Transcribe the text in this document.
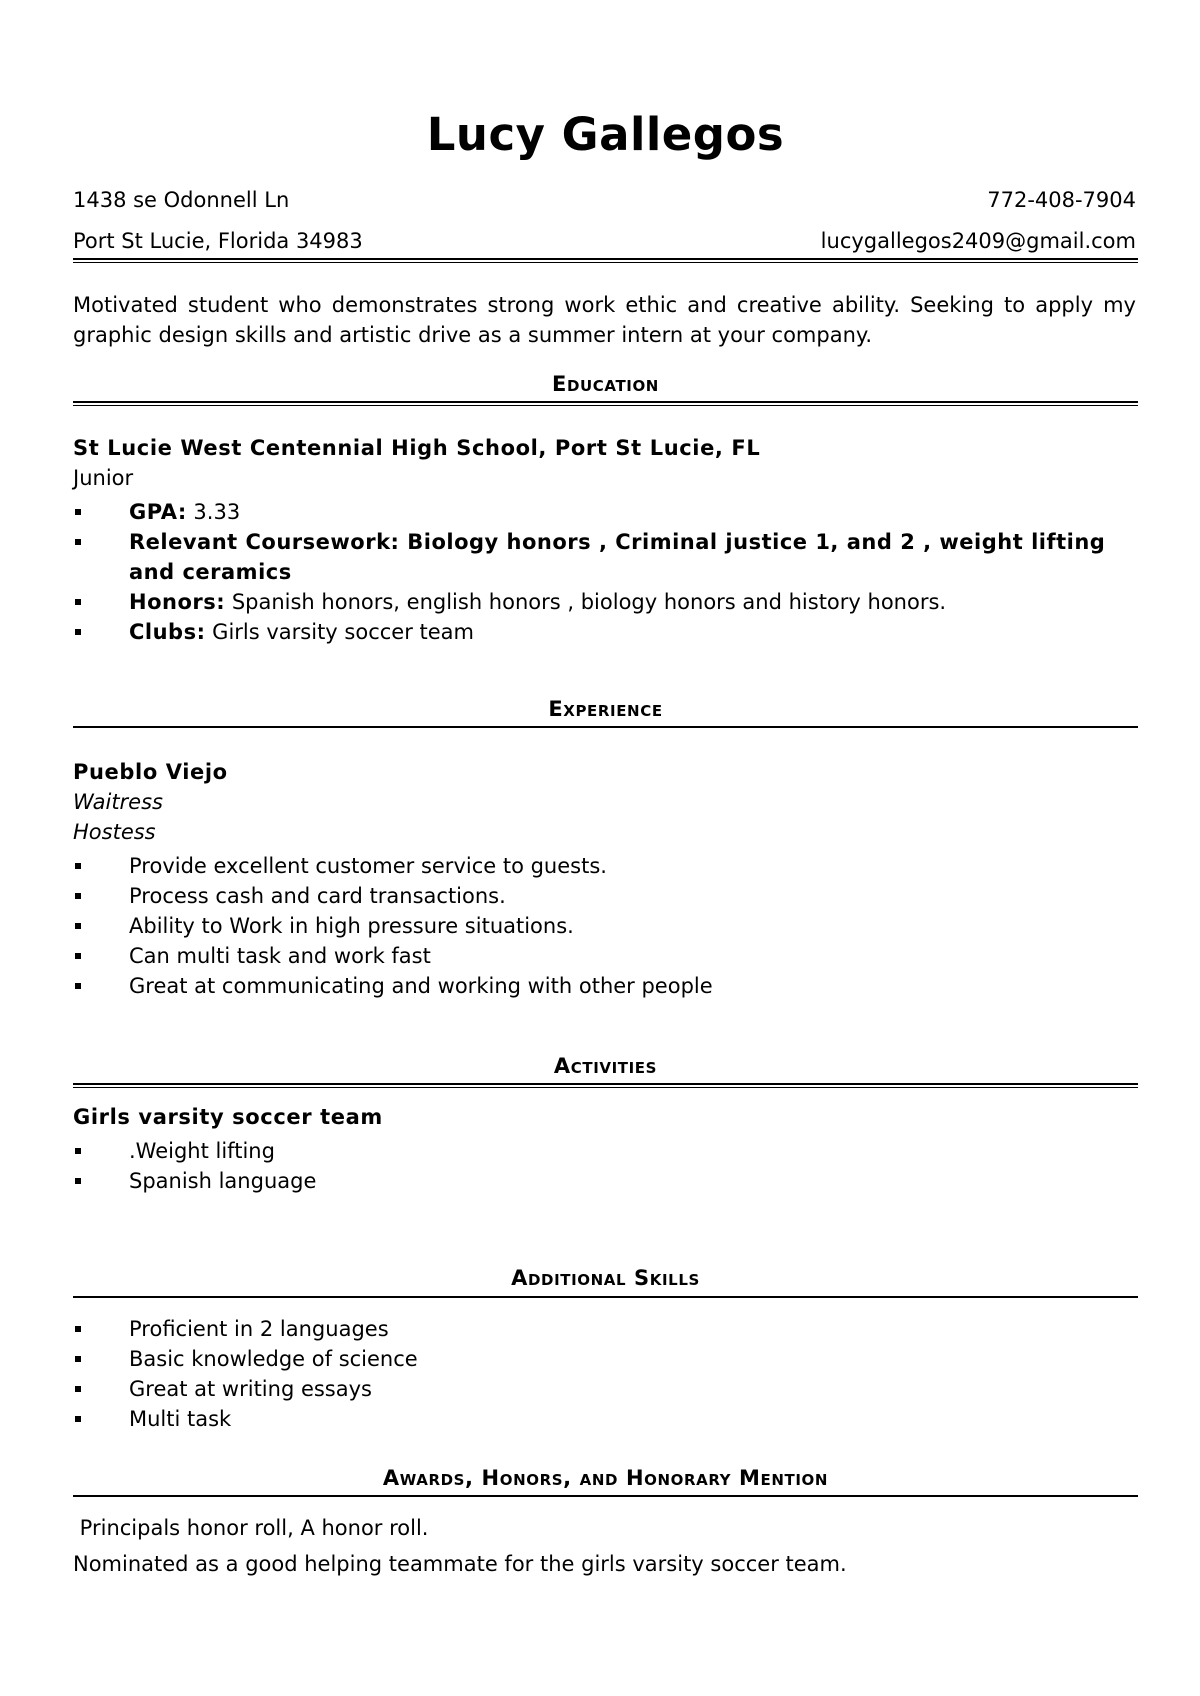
Lucy Gallegos
1438 se Odonnell Ln	772-408-7904
Port St Lucie, Florida 34983	lucygallegos2409@gmail.com
Motivated student who demonstrates strong work ethic and creative ability. Seeking to apply my graphic design skills and artistic drive as a summer intern at your company.
Education
St Lucie West Centennial High School, Port St Lucie, FL
Junior
GPA: 3.33
Relevant Coursework: Biology honors , Criminal justice 1, and 2 , weight lifting and ceramics
Honors: Spanish honors, english honors , biology honors and history honors.
Clubs: Girls varsity soccer team
Experience
Pueblo Viejo
Waitress
Hostess
Provide excellent customer service to guests.
Process cash and card transactions.
Ability to Work in high pressure situations.
Can multi task and work fast
Great at communicating and working with other people
Activities
Girls varsity soccer team
.Weight lifting
Spanish language
Additional Skills
Proficient in 2 languages
Basic knowledge of science
Great at writing essays
Multi task
Awards, Honors, and Honorary Mention
Principals honor roll, A honor roll.
Nominated as a good helping teammate for the girls varsity soccer team.
